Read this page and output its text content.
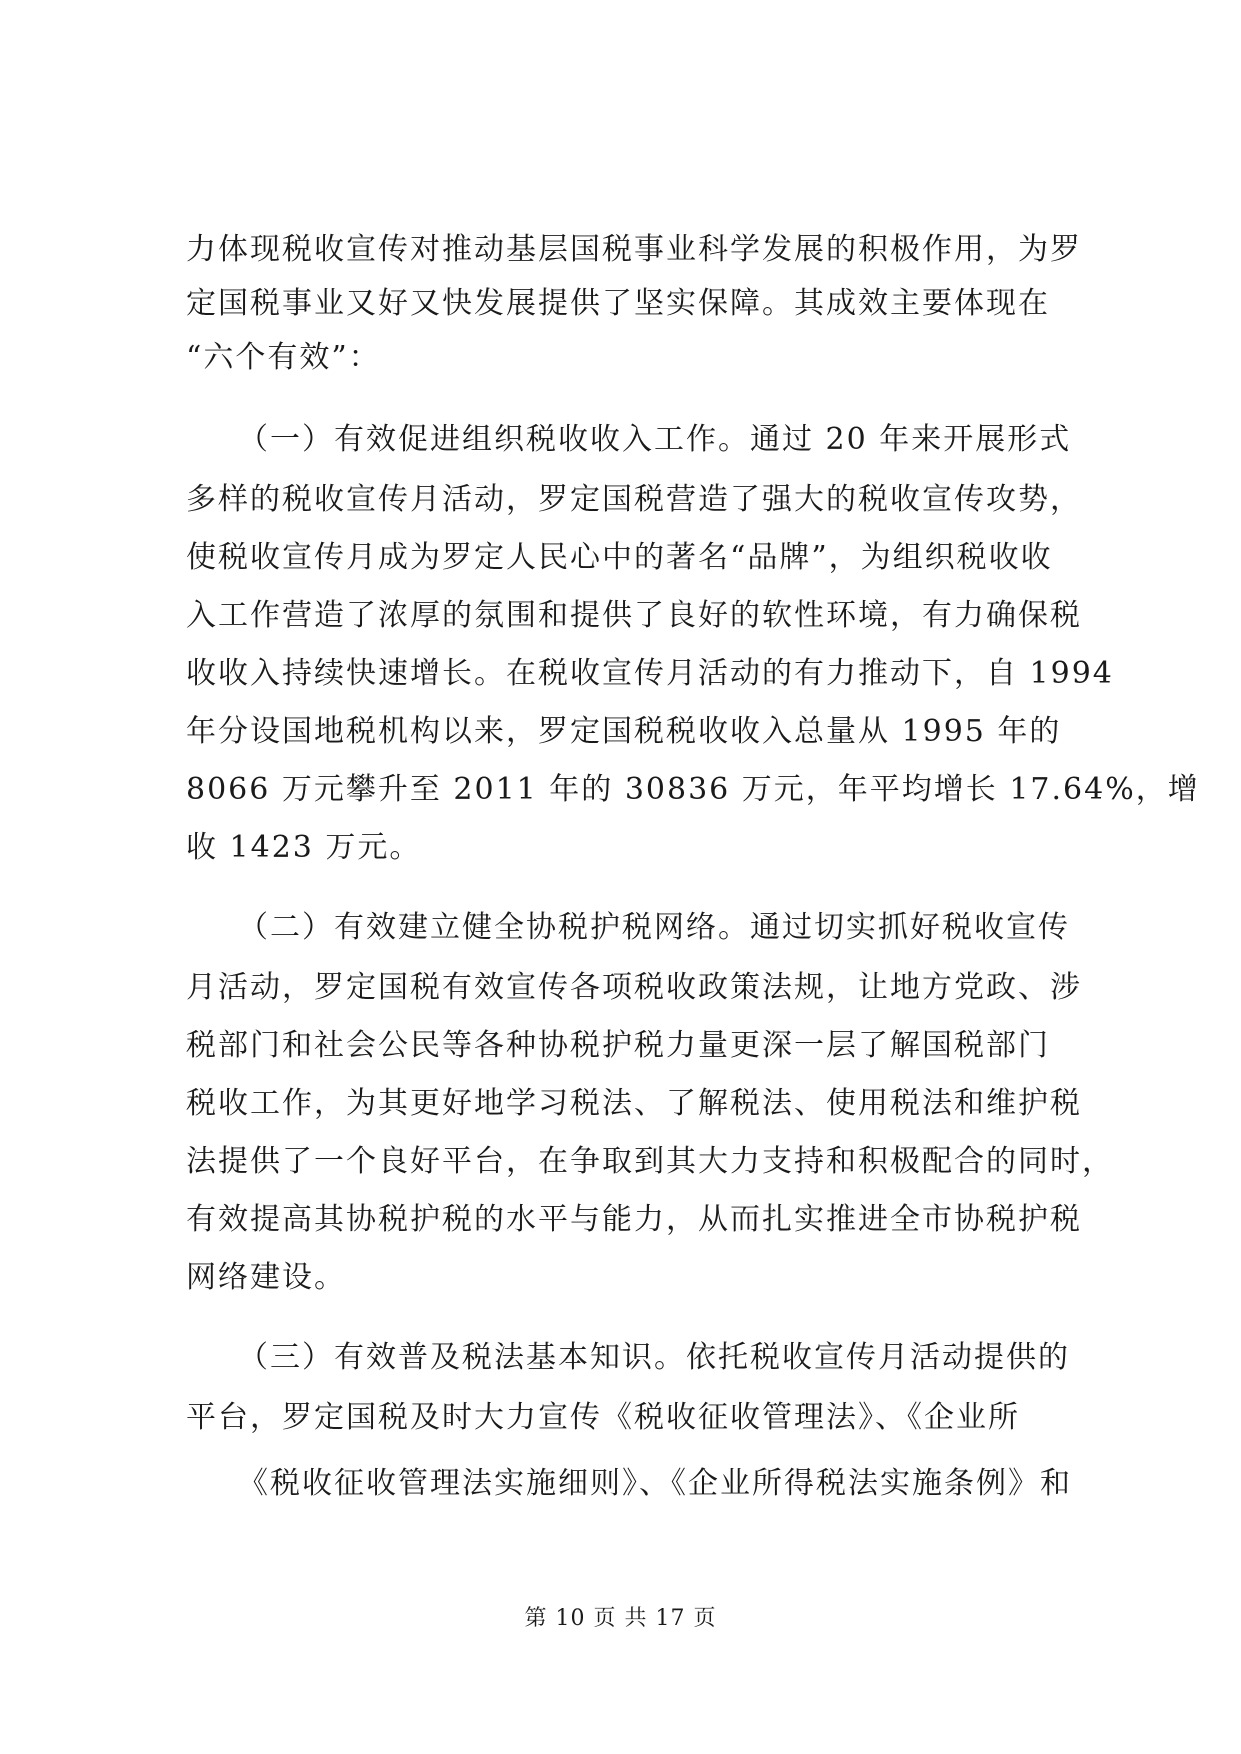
力体现税收宣传对推动基层国税事业科学发展的积极作用，为罗
定国税事业又好又快发展提供了坚实保障。其成效主要体现在
“六个有效”：
（一）有效促进组织税收收入工作。通过 20 年来开展形式
多样的税收宣传月活动，罗定国税营造了强大的税收宣传攻势，
使税收宣传月成为罗定人民心中的著名“品牌”，为组织税收收
入工作营造了浓厚的氛围和提供了良好的软性环境，有力确保税
收收入持续快速增长。在税收宣传月活动的有力推动下，自 1994
年分设国地税机构以来，罗定国税税收收入总量从 1995 年的
8066 万元攀升至 2011 年的 30836 万元，年平均增长 17.64%，增
收 1423 万元。
（二）有效建立健全协税护税网络。通过切实抓好税收宣传
月活动，罗定国税有效宣传各项税收政策法规，让地方党政、涉
税部门和社会公民等各种协税护税力量更深一层了解国税部门
税收工作，为其更好地学习税法、了解税法、使用税法和维护税
法提供了一个良好平台，在争取到其大力支持和积极配合的同时，
有效提高其协税护税的水平与能力，从而扎实推进全市协税护税
网络建设。
（三）有效普及税法基本知识。依托税收宣传月活动提供的
平台，罗定国税及时大力宣传《税收征收管理法》、《企业所
《税收征收管理法实施细则》、《企业所得税法实施条例》和
第 10 页 共 17 页
